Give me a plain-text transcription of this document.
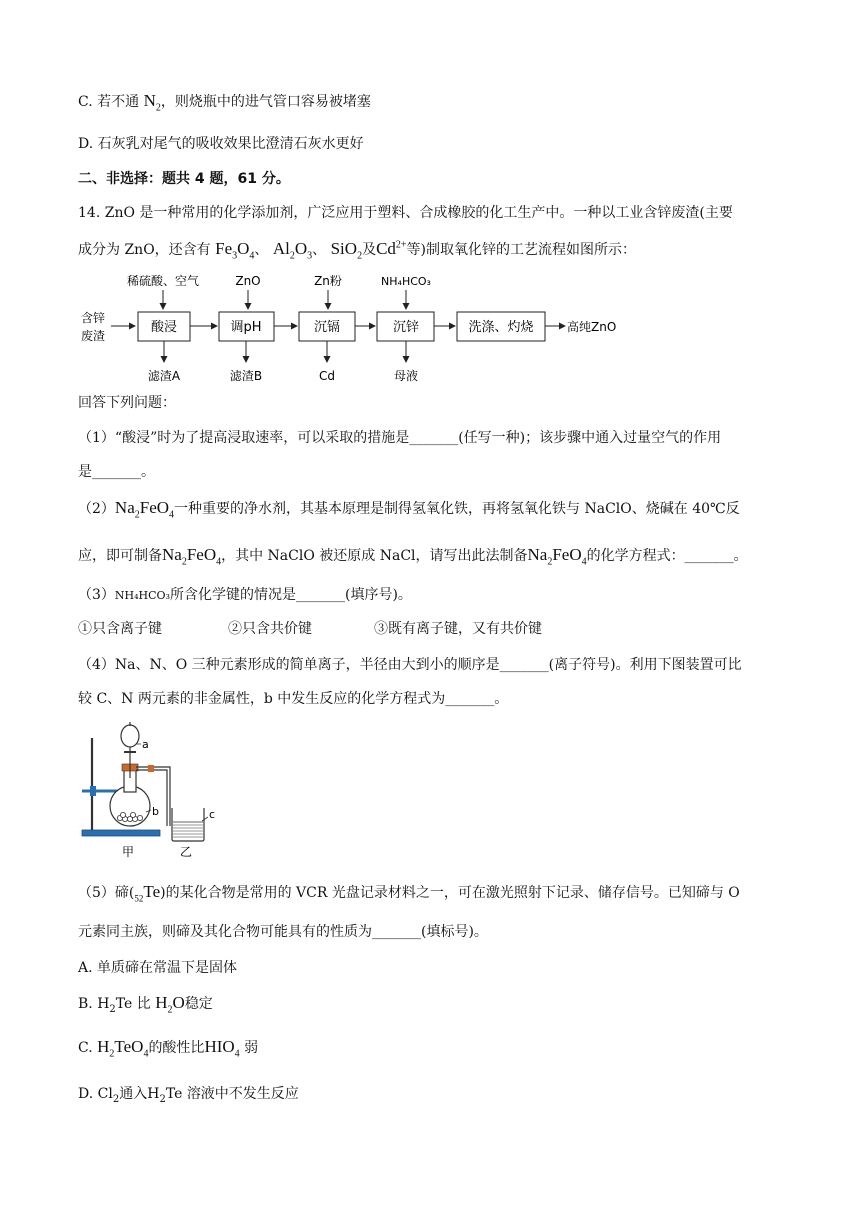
C. 若不通 $N_2$，则烧瓶中的进气管口容易被堵塞
D. 石灰乳对尾气的吸收效果比澄清石灰水更好
二、非选择：题共 4 题，61 分。
14. ZnO 是一种常用的化学添加剂，广泛应用于塑料、合成橡胶的化工生产中。一种以工业含锌废渣(主要
成分为 ZnO，还含有 $Fe_3O_4$、 $Al_2O_3$、 SiO$_2$及$Cd^{2+}$等)制取氧化锌的工艺流程如图所示：
稀硫酸、空气	ZnO	Zn粉	NH₄HCO₃
含锌
废渣
酸浸	调pH	沉镉	沉锌	洗涤、灼烧	高纯ZnO
滤渣A	滤渣B	Cd	母液
回答下列问题：
（1）“酸浸”时为了提高浸取速率，可以采取的措施是_______(任写一种)；该步骤中通入过量空气的作用
是_______。
$(2)Na_2FeO_4$一种重要的净水剂，其基本原理是制得氢氧化铁，再将氢氧化铁与 NaClO、烧碱在 40℃反
应，即可制备$Na_2FeO_4$，其中 NaClO 被还原成 NaCl，请写出此法制备$Na_2FeO_4$的化学方程式：_______。
（3）NH₄HCO₃所含化学键的情况是_______(填序号)。
①只含离子键	②只含共价键	③既有离子键，又有共价键
（4）Na、N、O 三种元素形成的简单离子，半径由大到小的顺序是_______(离子符号)。利用下图装置可比
较 C、N 两元素的非金属性，b 中发生反应的化学方程式为_______。
a
b	c
甲	乙
（5）碲$(_{52}Te)$的某化合物是常用的 VCR 光盘记录材料之一，可在激光照射下记录、储存信号。已知碲与 O
元素同主族，则碲及其化合物可能具有的性质为_______(填标号)。
A. 单质碲在常温下是固体
B. $H_2Te$ 比 $H_2O$稳定
C. $H_2TeO_4$的酸性比$HIO_4$ 弱
D. $Cl_2$通入$H_2Te$ 溶液中不发生反应
